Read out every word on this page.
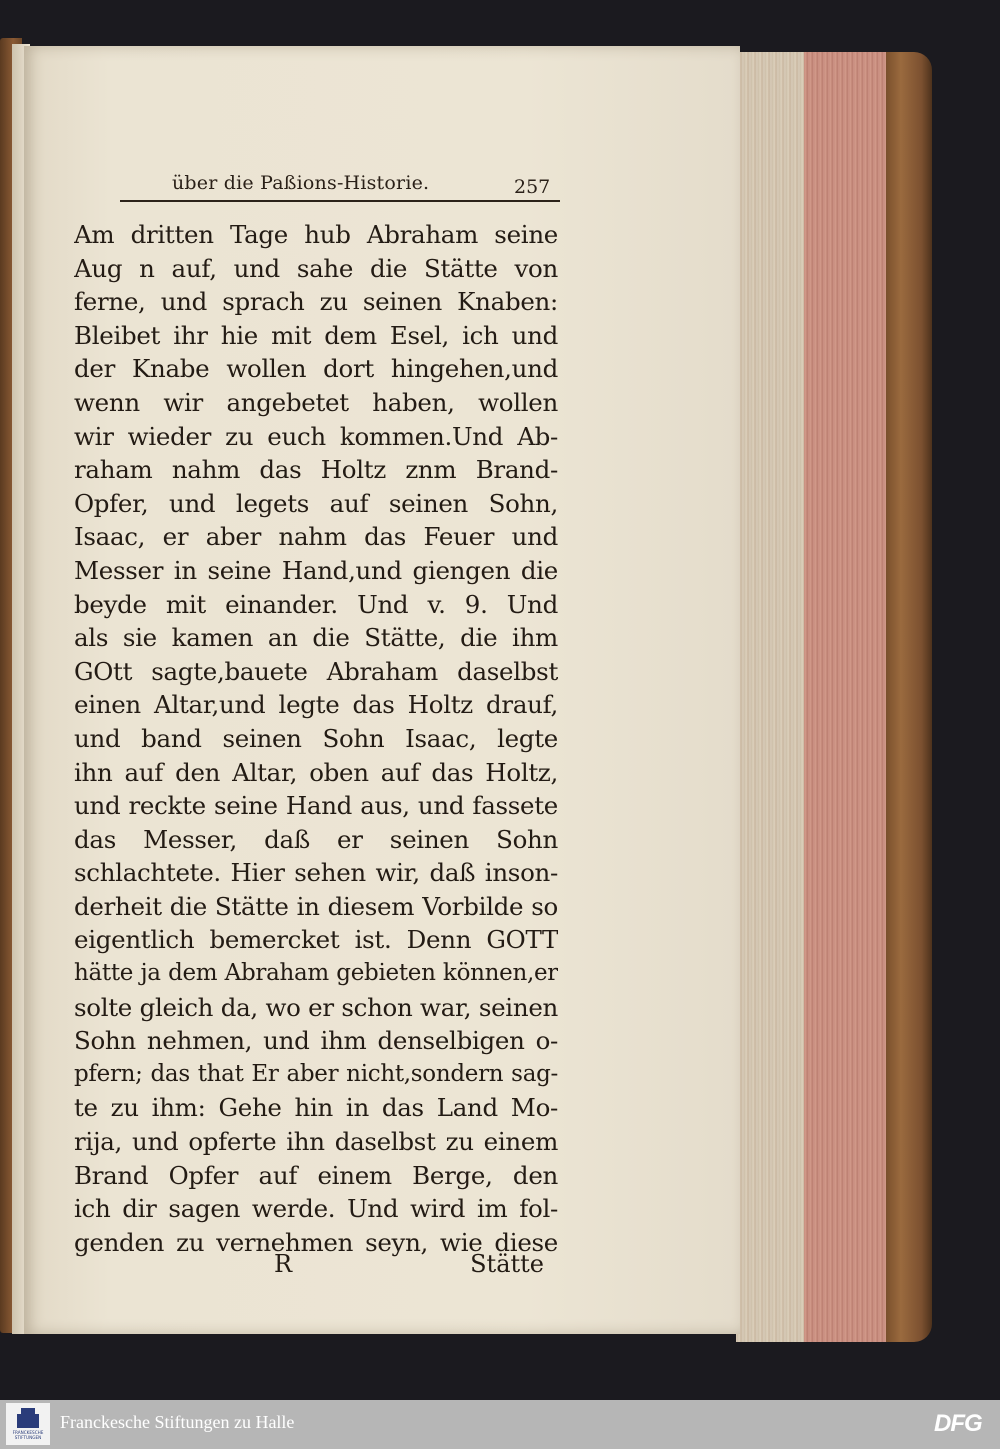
über die Paßions-Historie.	257
Am dritten Tage hub Abraham seine
Aug n auf, und sahe die Stätte von
ferne, und sprach zu seinen Knaben:
Bleibet ihr hie mit dem Esel, ich und
der Knabe wollen dort hingehen,und
wenn wir angebetet haben, wollen
wir wieder zu euch kommen.Und Ab-
raham nahm das Holtz znm Brand-
Opfer, und legets auf seinen Sohn,
Isaac, er aber nahm das Feuer und
Messer in seine Hand,und giengen die
beyde mit einander. Und v. 9. Und
als sie kamen an die Stätte, die ihm
GOtt sagte,bauete Abraham daselbst
einen Altar,und legte das Holtz drauf,
und band seinen Sohn Isaac, legte
ihn auf den Altar, oben auf das Holtz,
und reckte seine Hand aus, und fassete
das Messer, daß er seinen Sohn
schlachtete. Hier sehen wir, daß inson-
derheit die Stätte in diesem Vorbilde so
eigentlich bemercket ist. Denn GOTT
hätte ja dem Abraham gebieten können,er
solte gleich da, wo er schon war, seinen
Sohn nehmen, und ihm denselbigen o-
pfern; das that Er aber nicht,sondern sag-
te zu ihm: Gehe hin in das Land Mo-
rija, und opferte ihn daselbst zu einem
Brand Opfer auf einem Berge, den
ich dir sagen werde. Und wird im fol-
genden zu vernehmen seyn, wie diese
R	Stätte
FRANCKESCHE STIFTUNGEN
Franckesche Stiftungen zu Halle	DFG
